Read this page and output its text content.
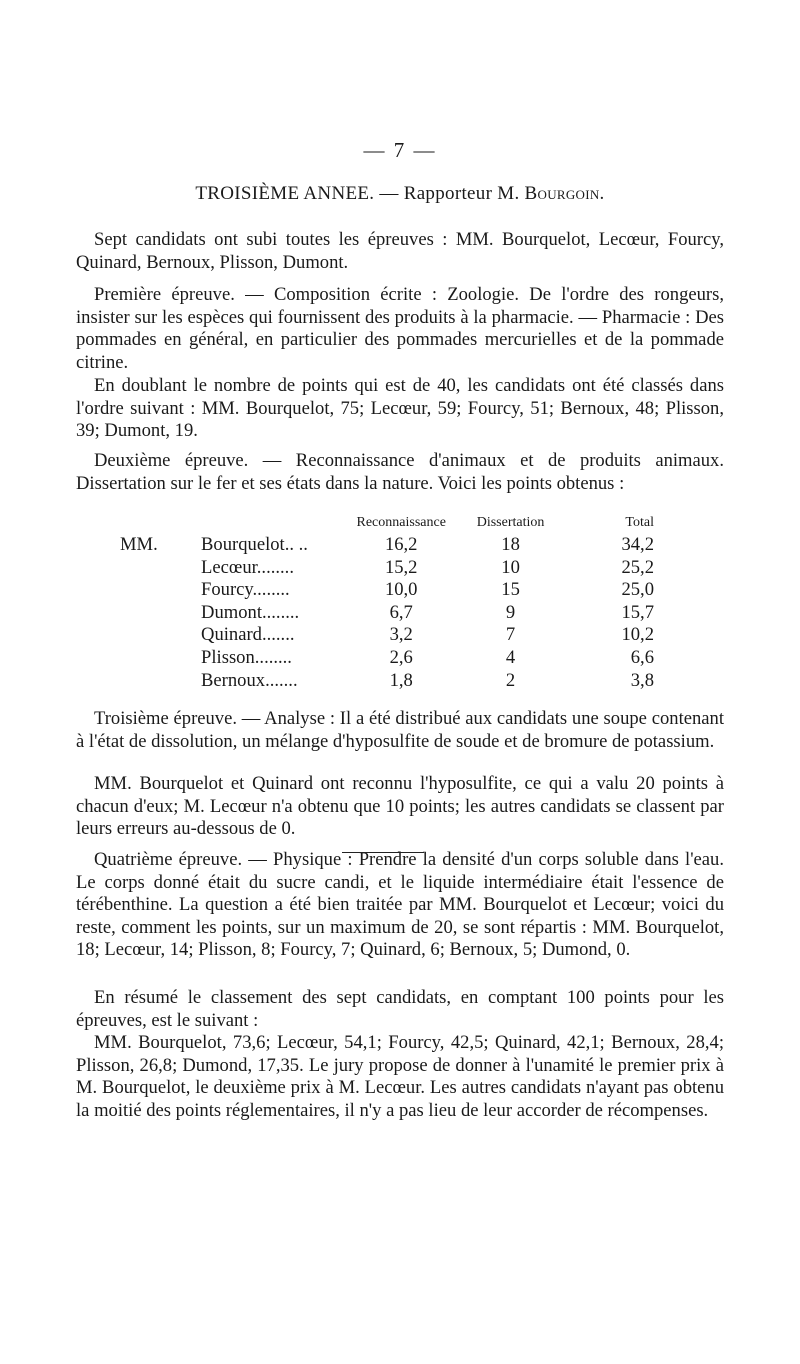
— 7 —
TROISIÈME ANNEE. — Rapporteur M. Bourgoin.

Sept candidats ont subi toutes les épreuves : MM. Bourquelot, Lecœur, Fourcy, Quinard, Bernoux, Plisson, Dumont.

Première épreuve. — Composition écrite : Zoologie. De l'ordre des rongeurs, insister sur les espèces qui fournissent des produits à la pharmacie. — Pharmacie : Des pommades en général, en particulier des pommades mercurielles et de la pommade citrine.

En doublant le nombre de points qui est de 40, les candidats ont été classés dans l'ordre suivant : MM. Bourquelot, 75; Lecœur, 59; Fourcy, 51; Bernoux, 48; Plisson, 39; Dumont, 19.

Deuxième épreuve. — Reconnaissance d'animaux et de produits animaux. Dissertation sur le fer et ses états dans la nature. Voici les points obtenus :

		Reconnaissance	Dissertation	Total
MM.	Bourquelot.. ..	16,2	18	34,2
	Lecœur........	15,2	10	25,2
	Fourcy........	10,0	15	25,0
	Dumont........	6,7	9	15,7
	Quinard.......	3,2	7	10,2
	Plisson........	2,6	4	6,6
	Bernoux.......	1,8	2	3,8

Troisième épreuve. — Analyse : Il a été distribué aux candidats une soupe contenant à l'état de dissolution, un mélange d'hyposulfite de soude et de bromure de potassium.

MM. Bourquelot et Quinard ont reconnu l'hyposulfite, ce qui a valu 20 points à chacun d'eux; M. Lecœur n'a obtenu que 10 points; les autres candidats se classent par leurs erreurs au-dessous de 0.

Quatrième épreuve. — Physique : Prendre la densité d'un corps soluble dans l'eau. Le corps donné était du sucre candi, et le liquide intermédiaire était l'essence de térébenthine. La question a été bien traitée par MM. Bourquelot et Lecœur; voici du reste, comment les points, sur un maximum de 20, se sont répartis : MM. Bourquelot, 18; Lecœur, 14; Plisson, 8; Fourcy, 7; Quinard, 6; Bernoux, 5; Dumond, 0.

En résumé le classement des sept candidats, en comptant 100 points pour les épreuves, est le suivant :

MM. Bourquelot, 73,6; Lecœur, 54,1; Fourcy, 42,5; Quinard, 42,1; Bernoux, 28,4; Plisson, 26,8; Dumond, 17,35. Le jury propose de donner à l'unamité le premier prix à M. Bourquelot, le deuxième prix à M. Lecœur. Les autres candidats n'ayant pas obtenu la moitié des points réglementaires, il n'y a pas lieu de leur accorder de récompenses.
